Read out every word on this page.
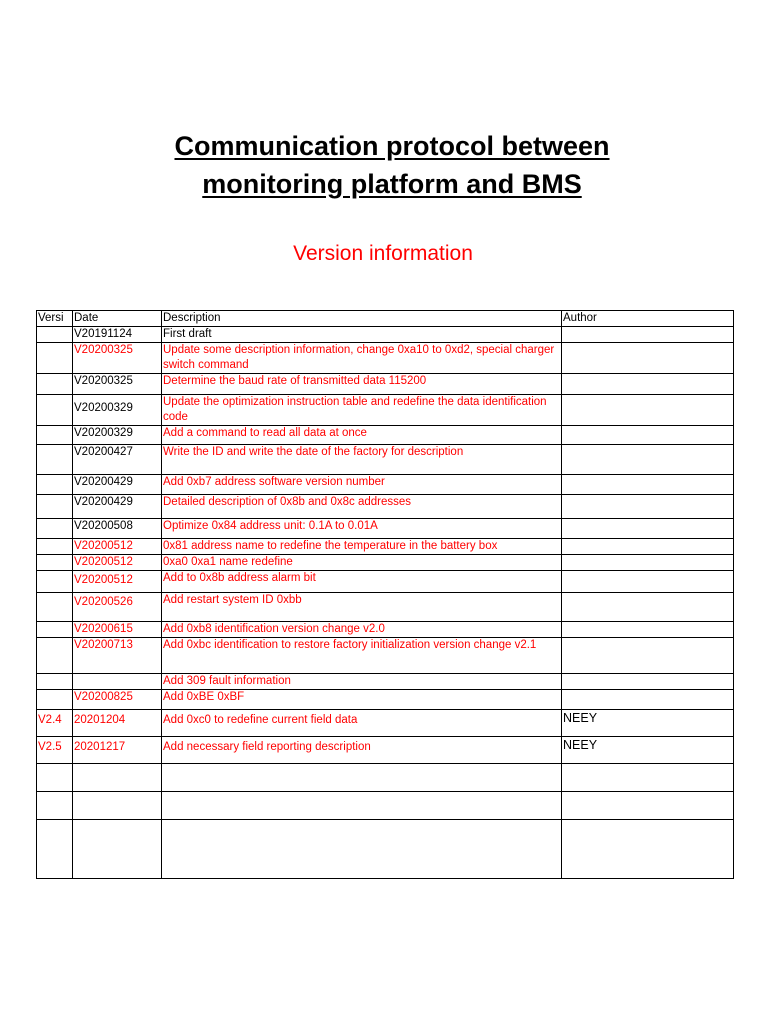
Communication protocol between
monitoring platform and BMS
Version information
Versi	Date	Description	Author
	V20191124	First draft	
	V20200325	Update some description information, change 0xa10 to 0xd2, special charger switch command	
	V20200325	Determine the baud rate of transmitted data 115200	
	V20200329	Update the optimization instruction table and redefine the data identification code	
	V20200329	Add a command to read all data at once	
	V20200427	Write the ID and write the date of the factory for description	
	V20200429	Add 0xb7 address software version number	
	V20200429	Detailed description of 0x8b and 0x8c addresses	
	V20200508	Optimize 0x84 address unit: 0.1A to 0.01A	
	V20200512	0x81 address name to redefine the temperature in the battery box	
	V20200512	0xa0 0xa1 name redefine	
	V20200512	Add to 0x8b address alarm bit	
	V20200526	Add restart system ID 0xbb	
	V20200615	Add 0xb8 identification version change v2.0	
	V20200713	Add 0xbc identification to restore factory initialization version change v2.1	
		Add 309 fault information	
	V20200825	Add 0xBE 0xBF	
V2.4	20201204	Add 0xc0 to redefine current field data	NEEY
V2.5	20201217	Add necessary field reporting description	NEEY
